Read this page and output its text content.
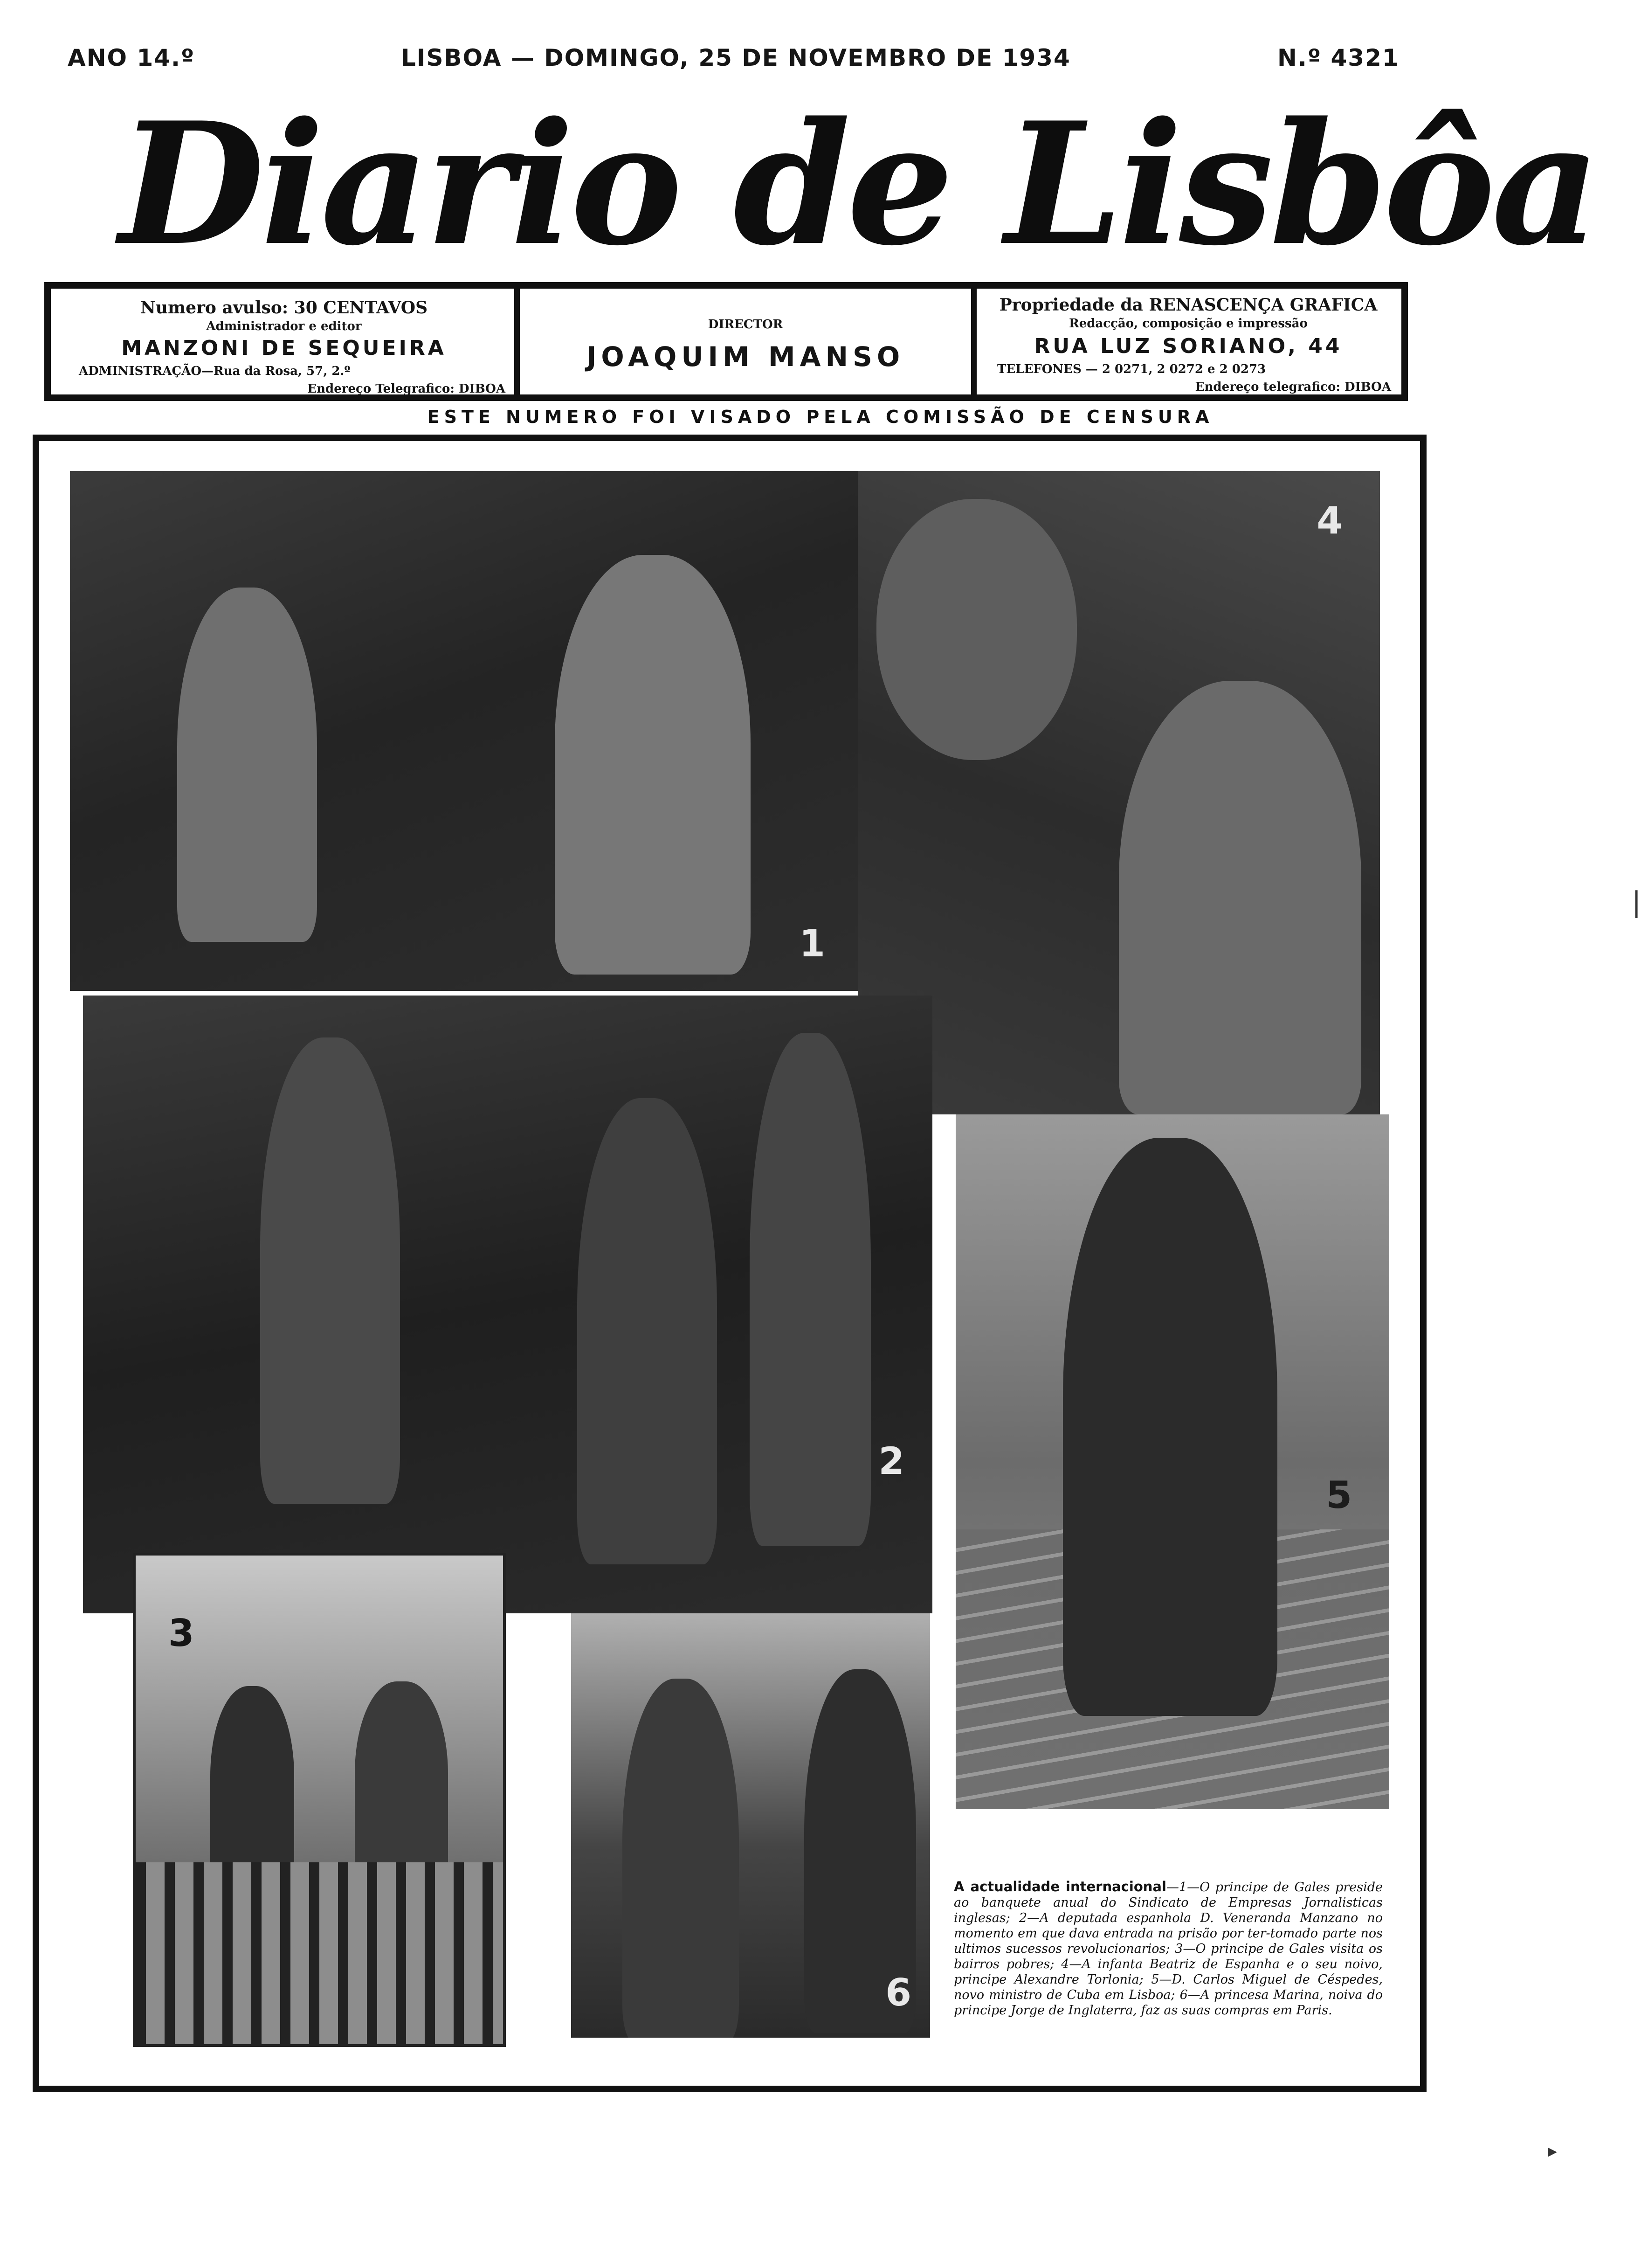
ANO 14.º	LISBOA — DOMINGO, 25 DE NOVEMBRO DE 1934	N.º 4321
Diario de Lisbôa
Numero avulso: 30 CENTAVOS
Administrador e editor
MANZONI DE SEQUEIRA
ADMINISTRAÇÃO—Rua da Rosa, 57, 2.º
Endereço Telegrafico: DIBOA
DIRECTOR
JOAQUIM MANSO
Propriedade da RENASCENÇA GRAFICA
Redacção, composição e impressão
RUA LUZ SORIANO, 44
TELEFONES — 2 0271, 2 0272 e 2 0273
Endereço telegrafico: DIBOA
ESTE NUMERO FOI VISADO PELA COMISSÃO DE CENSURA
1
4
2
5
3
6
A actualidade internacional—1—O principe de Gales preside ao banquete anual do Sindicato de Empresas Jornalisticas inglesas; 2—A deputada espanhola D. Veneranda Manzano no momento em que dava entrada na prisão por ter-tomado parte nos ultimos sucessos revolucionarios; 3—O principe de Gales visita os bairros pobres; 4—A infanta Beatriz de Espanha e o seu noivo, principe Alexandre Torlonia; 5—D. Carlos Miguel de Céspedes, novo ministro de Cuba em Lisboa; 6—A princesa Marina, noiva do principe Jorge de Inglaterra, faz as suas compras em Paris.
▸
|
